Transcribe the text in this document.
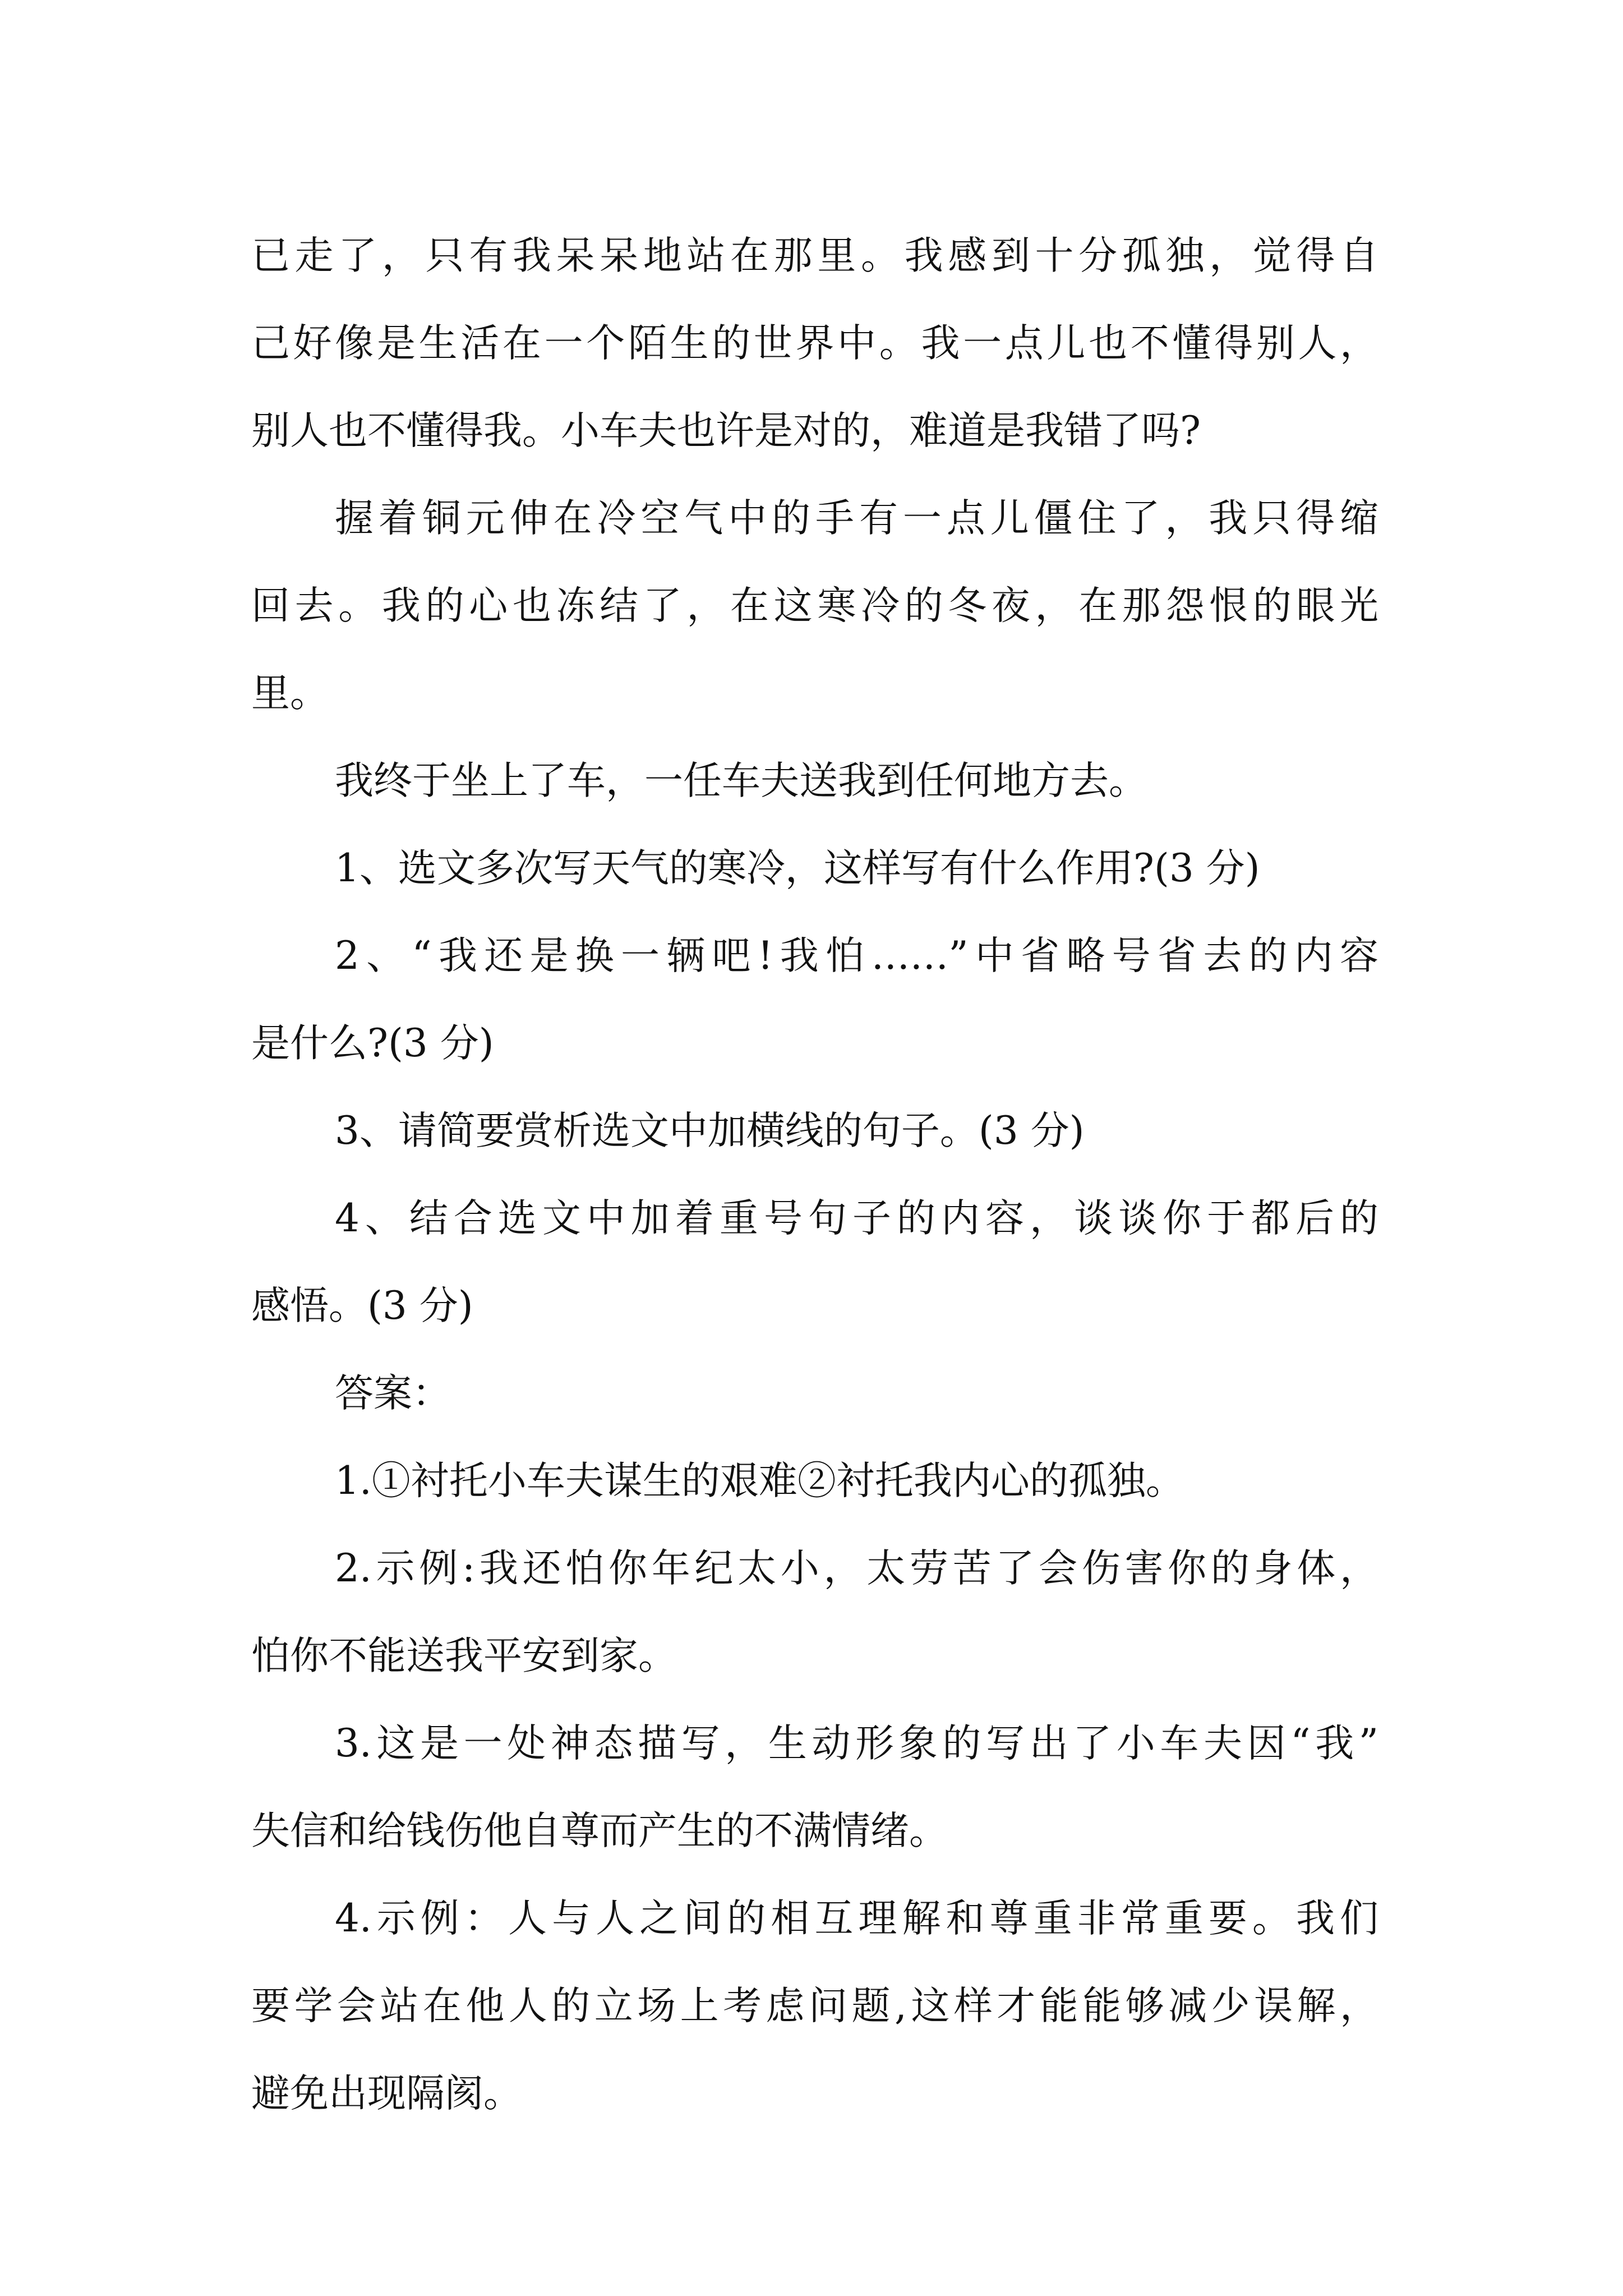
已走了，只有我呆呆地站在那里。我感到十分孤独，觉得自
己好像是生活在一个陌生的世界中。我一点儿也不懂得别人，
别人也不懂得我。小车夫也许是对的，难道是我错了吗?
握着铜元伸在冷空气中的手有一点儿僵住了，我只得缩
回去。我的心也冻结了，在这寒冷的冬夜，在那怨恨的眼光
里。
我终于坐上了车，一任车夫送我到任何地方去。
1、选文多次写天气的寒冷，这样写有什么作用?(3 分)
2、“我还是换一辆吧!我怕……”中省略号省去的内容
是什么?(3 分)
3、请简要赏析选文中加横线的句子。(3 分)
4、结合选文中加着重号句子的内容，谈谈你于都后的
感悟。(3 分)
答案：
1.①衬托小车夫谋生的艰难②衬托我内心的孤独。
2.示例:我还怕你年纪太小，太劳苦了会伤害你的身体，
怕你不能送我平安到家。
3.这是一处神态描写，生动形象的写出了小车夫因“我”
失信和给钱伤他自尊而产生的不满情绪。
4.示例：人与人之间的相互理解和尊重非常重要。我们
要学会站在他人的立场上考虑问题,这样才能能够减少误解，
避免出现隔阂。
